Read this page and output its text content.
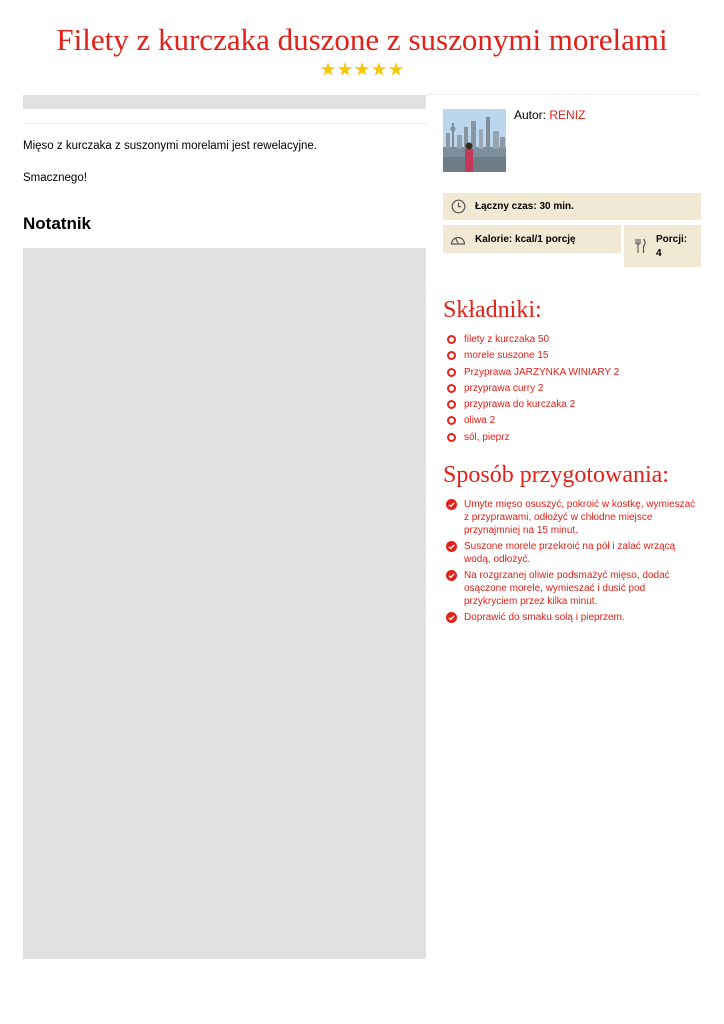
Filety z kurczaka duszone z suszonymi morelami

Mięso z kurczaka z suszonymi morelami jest rewelacyjne.

Smacznego!

Notatnik
Autor: RENIZ
Łączny czas: 30 min.
Kalorie: kcal/1 porcję	Porcji:
4
Składniki:
filety z kurczaka 50
morele suszone 15
Przyprawa JARZYNKA WINIARY 2
przyprawa curry 2
przyprawa do kurczaka 2
oliwa 2
sól, pieprz
Sposób przygotowania:
Umyte mięso osuszyć, pokroić w kostkę, wymieszać z przyprawami, odłożyć w chłodne miejsce przynajmniej na 15 minut.
Suszone morele przekroić na pół i zalać wrzącą wodą, odłożyć.
Na rozgrzanej oliwie podsmażyć mięso, dodać osączone morele, wymieszać i dusić pod przykryciem przez kilka minut.
Doprawić do smaku solą i pieprzem.
